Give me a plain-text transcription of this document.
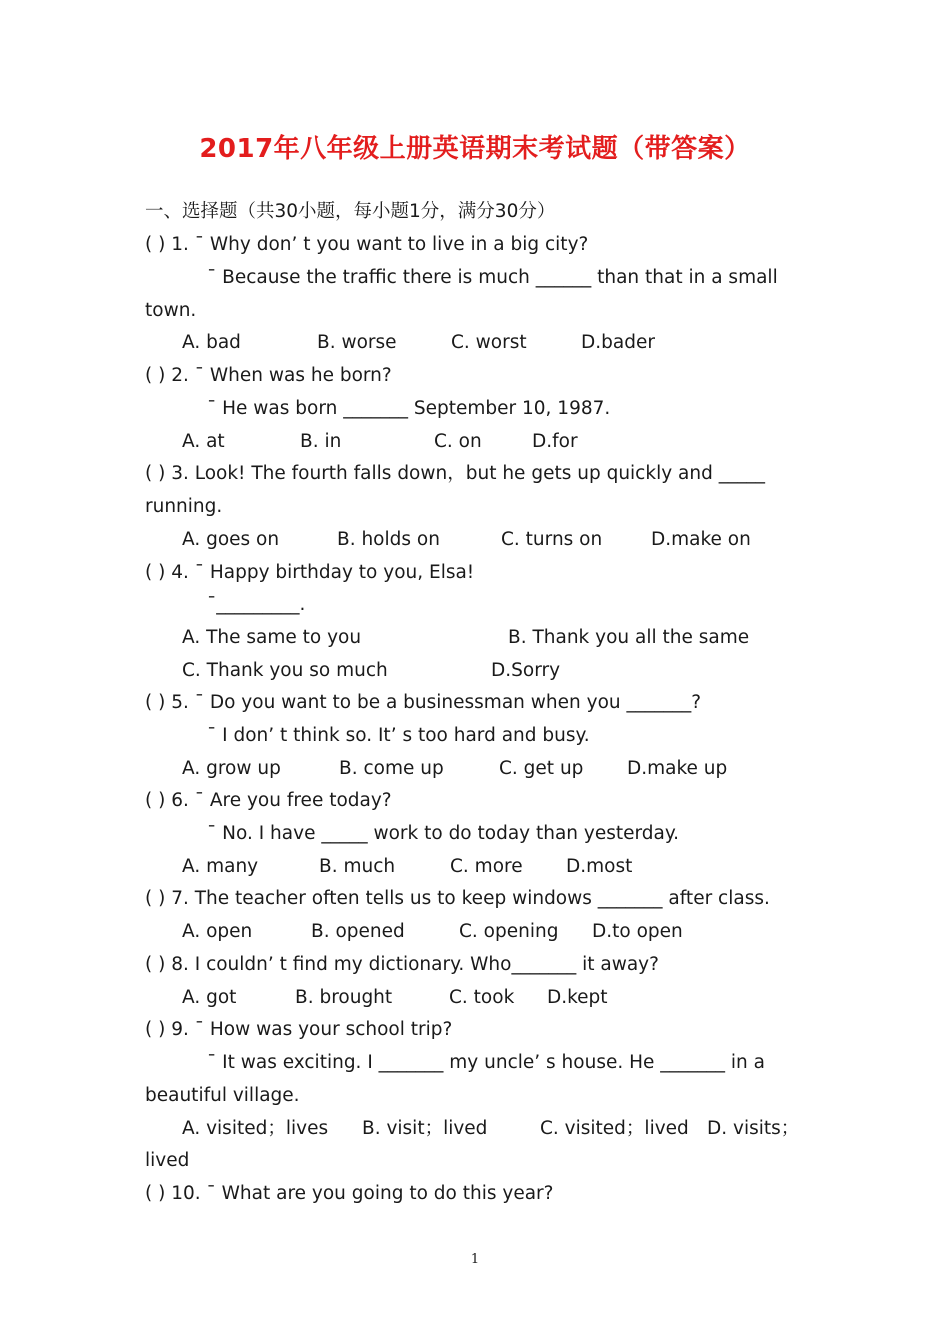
2017年八年级上册英语期末考试题（带答案）
一、选择题（共30小题，每小题1分，满分30分）
( ) 1. ¯ Why don’ t you want to live in a big city?
¯ Because the traffic there is much ______ than that in a small
town.
A. bad	B. worse	C. worst	D.bader
( ) 2. ¯ When was he born?
¯ He was born _______ September 10, 1987.
A. at	B. in	C. on	D.for
( ) 3. Look! The fourth falls down，but he gets up quickly and _____
running.
A. goes on	B. holds on	C. turns on	D.make on
( ) 4. ¯ Happy birthday to you, Elsa!
¯_________.
A. The same to you	B. Thank you all the same
C. Thank you so much	D.Sorry
( ) 5. ¯ Do you want to be a businessman when you _______?
¯ I don’ t think so. It’ s too hard and busy.
A. grow up	B. come up	C. get up D.make up
( ) 6. ¯ Are you free today?
¯ No. I have _____ work to do today than yesterday.
A. many	B. much	C. more D.most
( ) 7. The teacher often tells us to keep windows _______ after class.
A. open	B. opened	C. opening D.to open
( ) 8. I couldn’ t find my dictionary. Who_______ it away?
A. got	B. brought	C. took D.kept
( ) 9. ¯ How was your school trip?
¯ It was exciting. I _______ my uncle’ s house. He _______ in a
beautiful village.
A. visited；lives B. visit；lived	C. visited；lived D. visits；
lived
( ) 10. ¯ What are you going to do this year?
1
